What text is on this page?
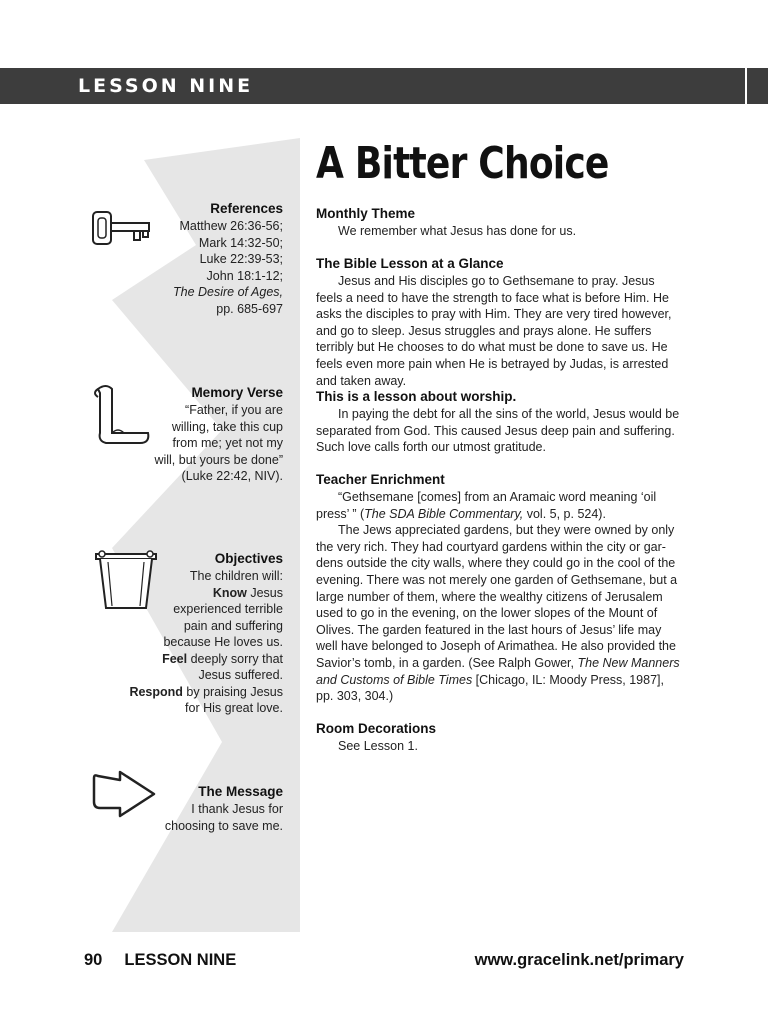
LESSON NINE
A Bitter Choice
References
Matthew 26:36-56;
Mark 14:32-50;
Luke 22:39-53;
John 18:1-12;
The Desire of Ages,
pp. 685-697
Memory Verse
“Father, if you are
willing, take this cup
from me; yet not my
will, but yours be done”
(Luke 22:42, NIV).
Objectives
The children will:
Know Jesus
experienced terrible
pain and suffering
because He loves us.
Feel deeply sorry that
Jesus suffered.
Respond by praising Jesus
for His great love.
The Message
I thank Jesus for
choosing to save me.
Monthly Theme

We remember what Jesus has done for us.

The Bible Lesson at a Glance

Jesus and His disciples go to Gethsemane to pray. Jesus feels a need to have the strength to face what is before Him. He asks the disciples to pray with Him. They are very tired however, and go to sleep. Jesus struggles and prays alone. He suffers terribly but He chooses to do what must be done to save us. He feels even more pain when He is betrayed by Judas, is arrested and taken away.

This is a lesson about worship.

In paying the debt for all the sins of the world, Jesus would be separated from God. This caused Jesus deep pain and suffering. Such love calls forth our utmost gratitude.

Teacher Enrichment

“Gethsemane [comes] from an Aramaic word meaning ‘oil press’ ” (The SDA Bible Commentary, vol. 5, p. 524).

The Jews appreciated gardens, but they were owned by only the very rich. They had courtyard gardens within the city or gar-dens outside the city walls, where they could go in the cool of the evening. There was not merely one garden of Gethsemane, but a large number of them, where the wealthy citizens of Jerusalem used to go in the evening, on the lower slopes of the Mount of Olives. The garden featured in the last hours of Jesus’ life may well have belonged to Joseph of Arimathea. He also provided the Savior’s tomb, in a garden. (See Ralph Gower, The New Manners and Customs of Bible Times [Chicago, IL: Moody Press, 1987], pp. 303, 304.)

Room Decorations

See Lesson 1.

90 LESSON NINE	www.gracelink.net/primary
